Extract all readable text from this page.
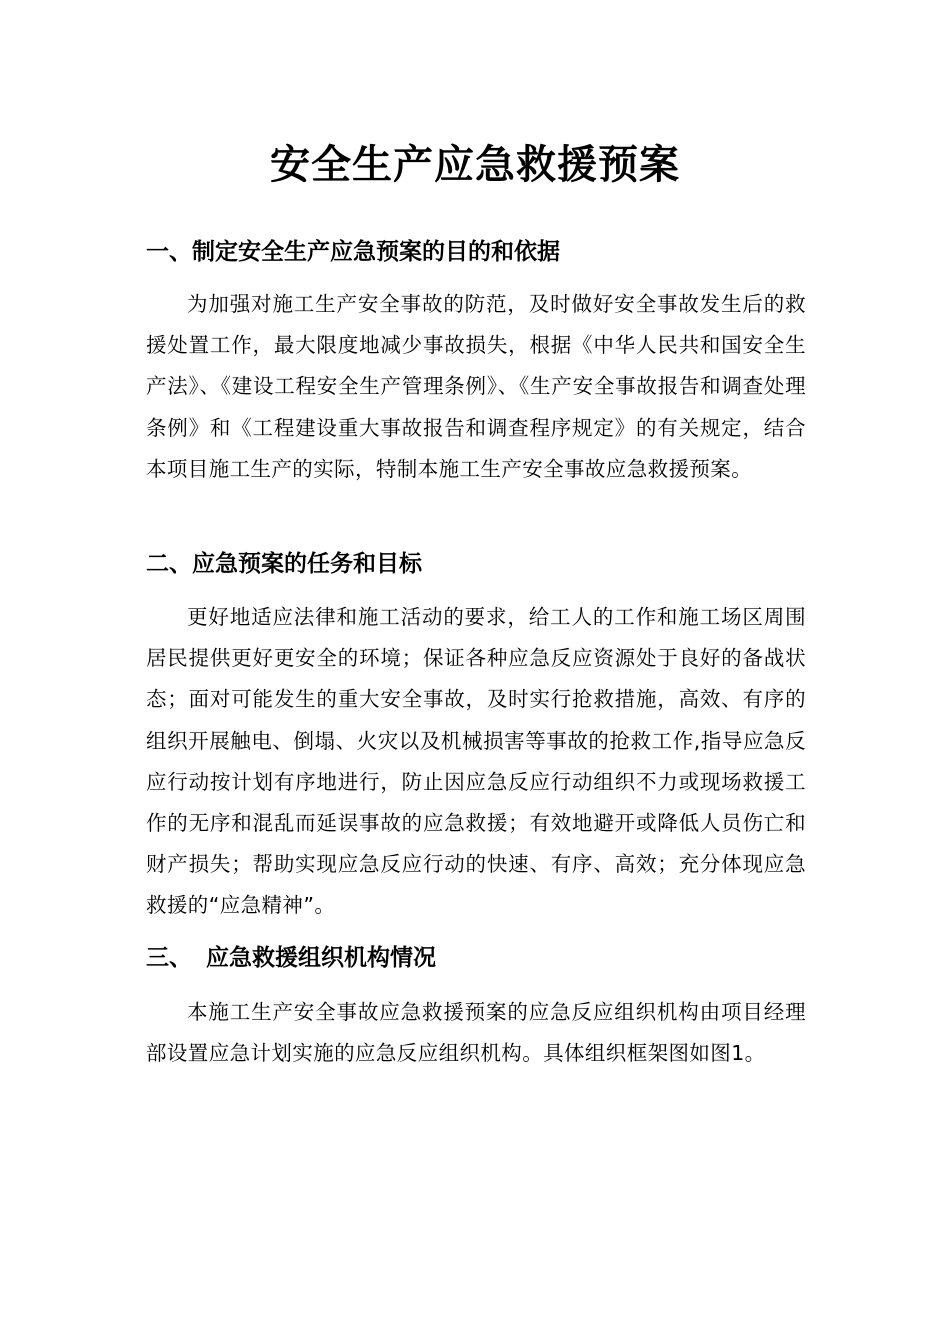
安全生产应急救援预案
一、制定安全生产应急预案的目的和依据
为加强对施工生产安全事故的防范，及时做好安全事故发生后的救援处置工作，最大限度地减少事故损失，根据《中华人民共和国安全生产法》、《建设工程安全生产管理条例》、《生产安全事故报告和调查处理条例》和《工程建设重大事故报告和调查程序规定》的有关规定，结合本项目施工生产的实际，特制本施工生产安全事故应急救援预案。
二、应急预案的任务和目标
更好地适应法律和施工活动的要求，给工人的工作和施工场区周围居民提供更好更安全的环境；保证各种应急反应资源处于良好的备战状态；面对可能发生的重大安全事故，及时实行抢救措施，高效、有序的组织开展触电、倒塌、火灾以及机械损害等事故的抢救工作,指导应急反应行动按计划有序地进行，防止因应急反应行动组织不力或现场救援工作的无序和混乱而延误事故的应急救援；有效地避开或降低人员伤亡和财产损失；帮助实现应急反应行动的快速、有序、高效；充分体现应急救援的“应急精神”。
三、 应急救援组织机构情况
本施工生产安全事故应急救援预案的应急反应组织机构由项目经理部设置应急计划实施的应急反应组织机构。具体组织框架图如图1。
